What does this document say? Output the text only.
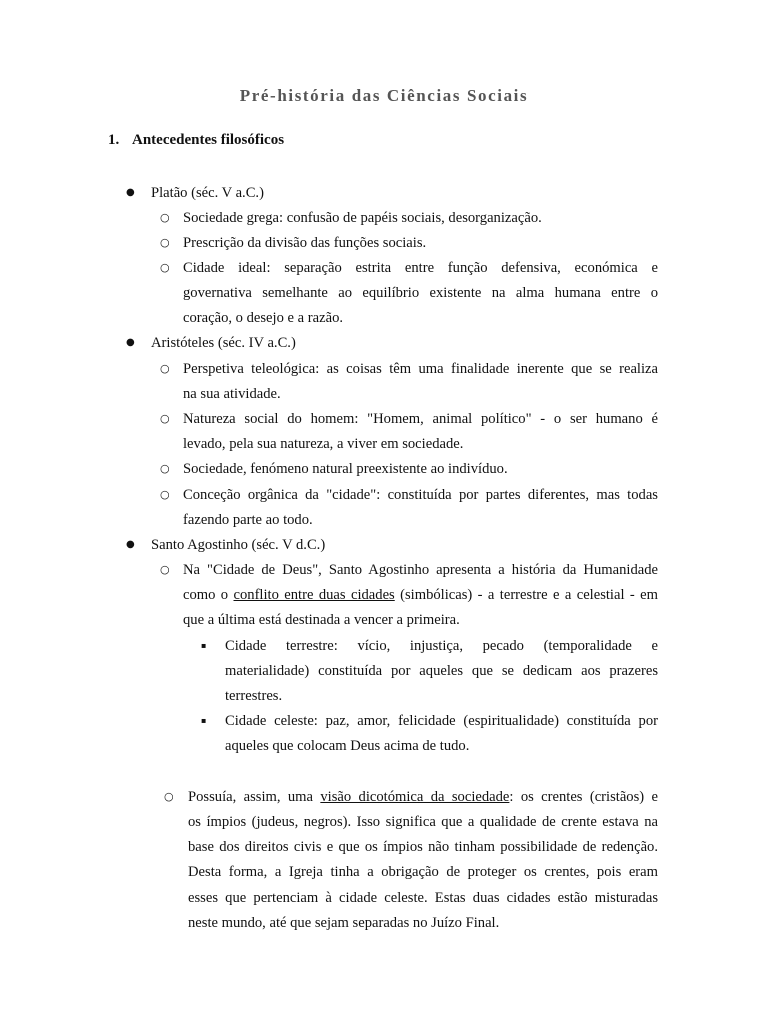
Pré-história das Ciências Sociais
1. Antecedentes filosóficos
● Platão (séc. V a.C.)
○ Sociedade grega: confusão de papéis sociais, desorganização.
○ Prescrição da divisão das funções sociais.
○ Cidade ideal: separação estrita entre função defensiva, económica e
governativa semelhante ao equilíbrio existente na alma humana entre o
coração, o desejo e a razão.
● Aristóteles (séc. IV a.C.)
○ Perspetiva teleológica: as coisas têm uma finalidade inerente que se realiza
na sua atividade.
○ Natureza social do homem: "Homem, animal político" - o ser humano é
levado, pela sua natureza, a viver em sociedade.
○ Sociedade, fenómeno natural preexistente ao indivíduo.
○ Conceção orgânica da "cidade": constituída por partes diferentes, mas todas
fazendo parte ao todo.
● Santo Agostinho (séc. V d.C.)
○ Na "Cidade de Deus", Santo Agostinho apresenta a história da Humanidade
como o conflito entre duas cidades (simbólicas) - a terrestre e a celestial - em
que a última está destinada a vencer a primeira.
▪ Cidade terrestre: vício, injustiça, pecado (temporalidade e
materialidade) constituída por aqueles que se dedicam aos prazeres
terrestres.
▪ Cidade celeste: paz, amor, felicidade (espiritualidade) constituída por
aqueles que colocam Deus acima de tudo.
○ Possuía, assim, uma visão dicotómica da sociedade: os crentes (cristãos) e
os ímpios (judeus, negros). Isso significa que a qualidade de crente estava na
base dos direitos civis e que os ímpios não tinham possibilidade de redenção.
Desta forma, a Igreja tinha a obrigação de proteger os crentes, pois eram
esses que pertenciam à cidade celeste. Estas duas cidades estão misturadas
neste mundo, até que sejam separadas no Juízo Final.
